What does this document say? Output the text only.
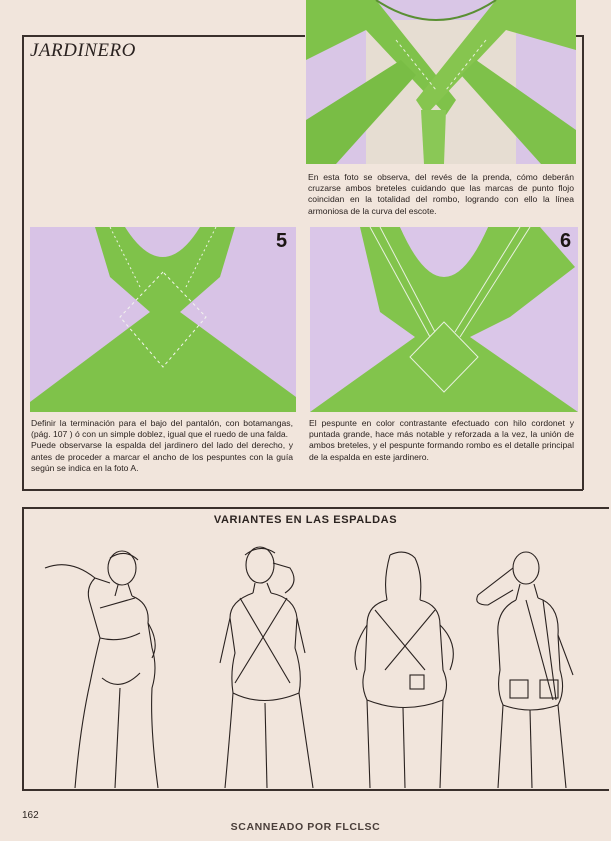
JARDINERO
En esta foto se observa, del revés de la prenda, cómo deberán cruzarse ambos breteles cuidando que las marcas de punto flojo coincidan en la totalidad del rombo, logrando con ello la línea armoniosa de la curva del escote.
5

Definir la terminación para el bajo del pantalón, con botamangas, (pág. 107 ) ó con un simple doblez, igual que el ruedo de una falda.

Puede observarse la espalda del jardinero del lado del derecho, y antes de proceder a marcar el ancho de los pespuntes con la guía según se indica en la foto A.

6
El pespunte en color contrastante efectuado con hilo cordonet y puntada grande, hace más notable y reforzada a la vez, la unión de ambos breteles, y el pespunte formando rombo es el detalle principal de la espalda en este jardinero.
VARIANTES EN LAS ESPALDAS
162
SCANNEADO POR FLCLSC
